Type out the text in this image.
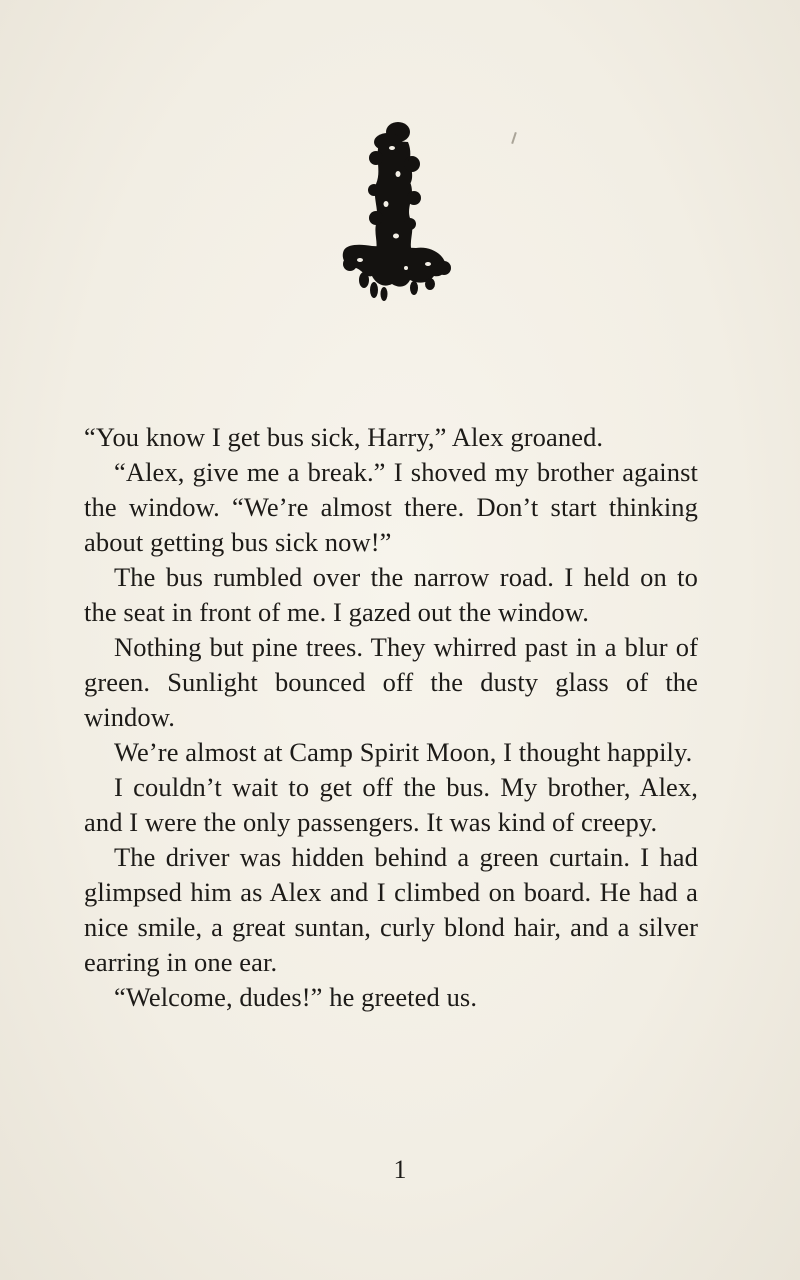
“You know I get bus sick, Harry,” Alex groaned.

“Alex, give me a break.” I shoved my brother against the window. “We’re almost there. Don’t start thinking about getting bus sick now!”

The bus rumbled over the narrow road. I held on to the seat in front of me. I gazed out the window.

Nothing but pine trees. They whirred past in a blur of green. Sunlight bounced off the dusty glass of the window.

We’re almost at Camp Spirit Moon, I thought happily.

I couldn’t wait to get off the bus. My brother, Alex, and I were the only passengers. It was kind of creepy.

The driver was hidden behind a green curtain. I had glimpsed him as Alex and I climbed on board. He had a nice smile, a great suntan, curly blond hair, and a silver earring in one ear.

“Welcome, dudes!” he greeted us.

1
